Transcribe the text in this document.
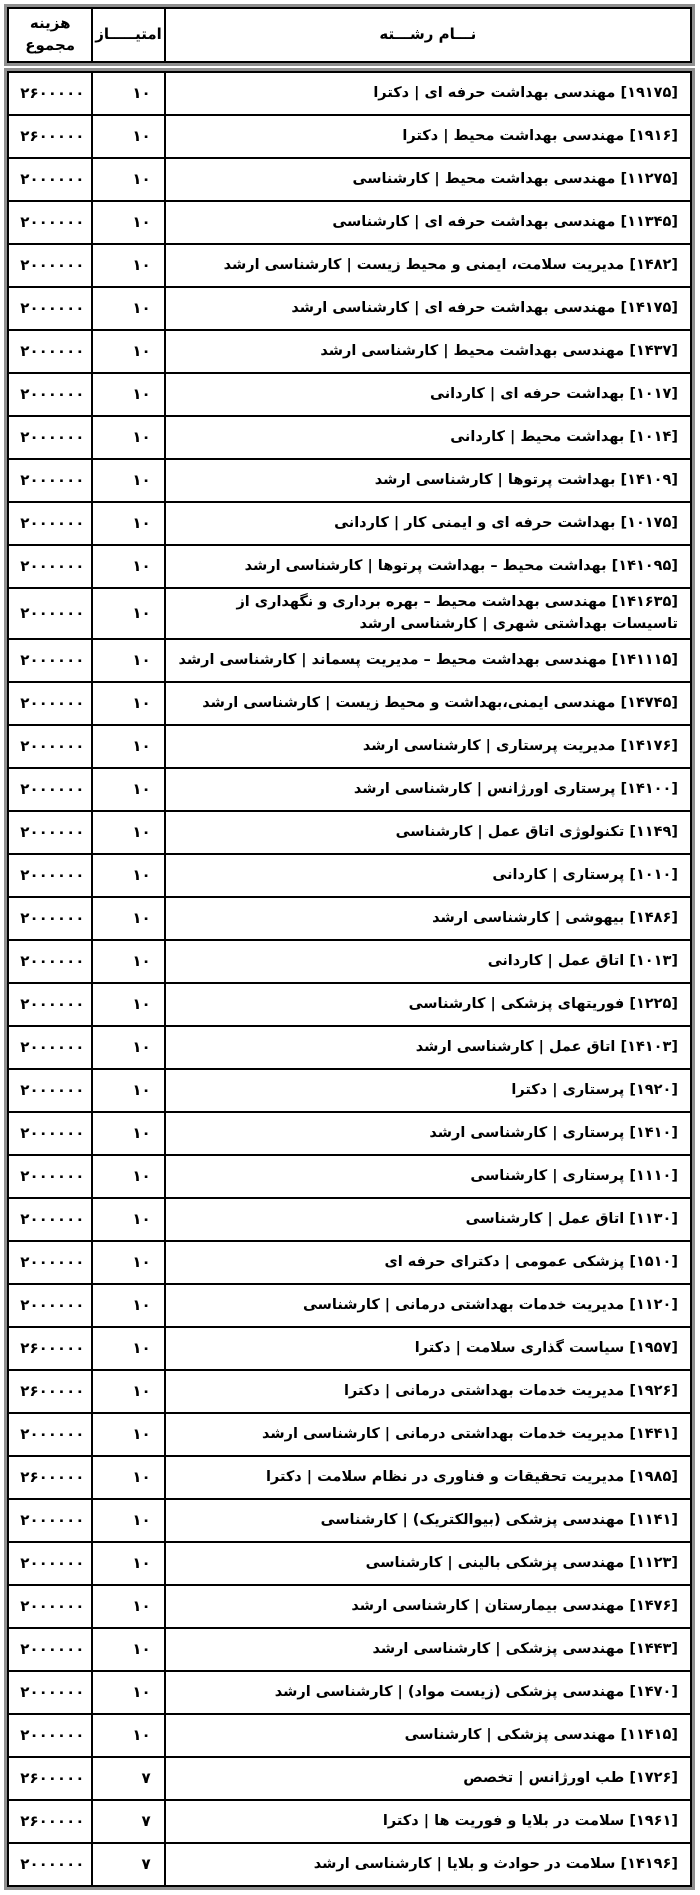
نـــام رشـــته	امتیـــــاز	هزینه
مجموع
[۱۹۱۷۵] مهندسی بهداشت حرفه ای | دکترا	۱۰	۲۶۰۰۰۰۰
[۱۹۱۶] مهندسی بهداشت محیط | دکترا	۱۰	۲۶۰۰۰۰۰
[۱۱۲۷۵] مهندسی بهداشت محیط | کارشناسی	۱۰	۲۰۰۰۰۰۰
[۱۱۳۴۵] مهندسی بهداشت حرفه ای | کارشناسی	۱۰	۲۰۰۰۰۰۰
[۱۴۸۲] مدیریت سلامت، ایمنی و محیط زیست | کارشناسی ارشد	۱۰	۲۰۰۰۰۰۰
[۱۴۱۷۵] مهندسی بهداشت حرفه ای | کارشناسی ارشد	۱۰	۲۰۰۰۰۰۰
[۱۴۳۷] مهندسی بهداشت محیط | کارشناسی ارشد	۱۰	۲۰۰۰۰۰۰
[۱۰۱۷] بهداشت حرفه ای | کاردانی	۱۰	۲۰۰۰۰۰۰
[۱۰۱۴] بهداشت محیط | کاردانی	۱۰	۲۰۰۰۰۰۰
[۱۴۱۰۹] بهداشت پرتوها | کارشناسی ارشد	۱۰	۲۰۰۰۰۰۰
[۱۰۱۷۵] بهداشت حرفه ای و ایمنی کار | کاردانی	۱۰	۲۰۰۰۰۰۰
[۱۴۱۰۹۵] بهداشت محیط – بهداشت پرتوها | کارشناسی ارشد	۱۰	۲۰۰۰۰۰۰
[۱۴۱۶۳۵] مهندسی بهداشت محیط – بهره برداری و نگهداری از تاسیسات بهداشتی شهری | کارشناسی ارشد	۱۰	۲۰۰۰۰۰۰
[۱۴۱۱۱۵] مهندسی بهداشت محیط – مدیریت پسماند | کارشناسی ارشد	۱۰	۲۰۰۰۰۰۰
[۱۴۷۴۵] مهندسی ایمنی،بهداشت و محیط زیست | کارشناسی ارشد	۱۰	۲۰۰۰۰۰۰
[۱۴۱۷۶] مدیریت پرستاری | کارشناسی ارشد	۱۰	۲۰۰۰۰۰۰
[۱۴۱۰۰] پرستاری اورژانس | کارشناسی ارشد	۱۰	۲۰۰۰۰۰۰
[۱۱۴۹] تکنولوژی اتاق عمل | کارشناسی	۱۰	۲۰۰۰۰۰۰
[۱۰۱۰] پرستاری | کاردانی	۱۰	۲۰۰۰۰۰۰
[۱۴۸۶] بیهوشی | کارشناسی ارشد	۱۰	۲۰۰۰۰۰۰
[۱۰۱۳] اتاق عمل | کاردانی	۱۰	۲۰۰۰۰۰۰
[۱۲۲۵] فوریتهای پزشکی | کارشناسی	۱۰	۲۰۰۰۰۰۰
[۱۴۱۰۳] اتاق عمل | کارشناسی ارشد	۱۰	۲۰۰۰۰۰۰
[۱۹۲۰] پرستاری | دکترا	۱۰	۲۰۰۰۰۰۰
[۱۴۱۰] پرستاری | کارشناسی ارشد	۱۰	۲۰۰۰۰۰۰
[۱۱۱۰] پرستاری | کارشناسی	۱۰	۲۰۰۰۰۰۰
[۱۱۳۰] اتاق عمل | کارشناسی	۱۰	۲۰۰۰۰۰۰
[۱۵۱۰] پزشکی عمومی | دکترای حرفه ای	۱۰	۲۰۰۰۰۰۰
[۱۱۲۰] مدیریت خدمات بهداشتی درمانی | کارشناسی	۱۰	۲۰۰۰۰۰۰
[۱۹۵۷] سیاست گذاری سلامت | دکترا	۱۰	۲۶۰۰۰۰۰
[۱۹۲۶] مدیریت خدمات بهداشتی درمانی | دکترا	۱۰	۲۶۰۰۰۰۰
[۱۴۴۱] مدیریت خدمات بهداشتی درمانی | کارشناسی ارشد	۱۰	۲۰۰۰۰۰۰
[۱۹۸۵] مدیریت تحقیقات و فناوری در نظام سلامت | دکترا	۱۰	۲۶۰۰۰۰۰
[۱۱۴۱] مهندسی پزشکی (بیوالکتریک) | کارشناسی	۱۰	۲۰۰۰۰۰۰
[۱۱۲۳] مهندسی پزشکی بالینی | کارشناسی	۱۰	۲۰۰۰۰۰۰
[۱۴۷۶] مهندسی بیمارستان | کارشناسی ارشد	۱۰	۲۰۰۰۰۰۰
[۱۴۴۳] مهندسی پزشکی | کارشناسی ارشد	۱۰	۲۰۰۰۰۰۰
[۱۴۷۰] مهندسی پزشکی (زیست مواد) | کارشناسی ارشد	۱۰	۲۰۰۰۰۰۰
[۱۱۴۱۵] مهندسی پزشکی | کارشناسی	۱۰	۲۰۰۰۰۰۰
[۱۷۲۶] طب اورژانس | تخصص	۷	۲۶۰۰۰۰۰
[۱۹۶۱] سلامت در بلایا و فوریت ها | دکترا	۷	۲۶۰۰۰۰۰
[۱۴۱۹۶] سلامت در حوادث و بلایا | کارشناسی ارشد	۷	۲۰۰۰۰۰۰
